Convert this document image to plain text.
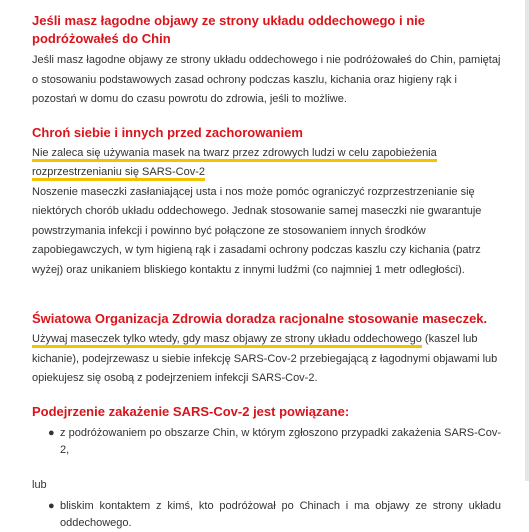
Jeśli masz łagodne objawy ze strony układu oddechowego i nie podróżowałeś do Chin

Jeśli masz łagodne objawy ze strony układu oddechowego i nie podróżowałeś do Chin, pamiętaj o stosowaniu podstawowych zasad ochrony podczas kaszlu, kichania oraz higieny rąk i pozostań w domu do czasu powrotu do zdrowia, jeśli to możliwe.

Chroń siebie i innych przed zachorowaniem

Nie zaleca się używania masek na twarz przez zdrowych ludzi w celu zapobieżenia rozprzestrzenianiu się SARS-Cov-2

Noszenie maseczki zasłaniającej usta i nos może pomóc ograniczyć rozprzestrzenianie się niektórych chorób układu oddechowego. Jednak stosowanie samej maseczki nie gwarantuje powstrzymania infekcji i powinno być połączone ze stosowaniem innych środków zapobiegawczych, w tym higieną rąk i zasadami ochrony podczas kaszlu czy kichania (patrz wyżej) oraz unikaniem bliskiego kontaktu z innymi ludźmi (co najmniej 1 metr odległości).

Światowa Organizacja Zdrowia doradza racjonalne stosowanie maseczek.

Używaj maseczek tylko wtedy, gdy masz objawy ze strony układu oddechowego (kaszel lub kichanie), podejrzewasz u siebie infekcję SARS-Cov-2 przebiegającą z łagodnymi objawami lub opiekujesz się osobą z podejrzeniem infekcji SARS-Cov-2.

Podejrzenie zakażenie SARS-Cov-2 jest powiązane:
● z podróżowaniem po obszarze Chin, w którym zgłoszono przypadki zakażenia SARS-Cov-2,

lub

● bliskim kontaktem z kimś, kto podróżował po Chinach i ma objawy ze strony układu oddechowego.
